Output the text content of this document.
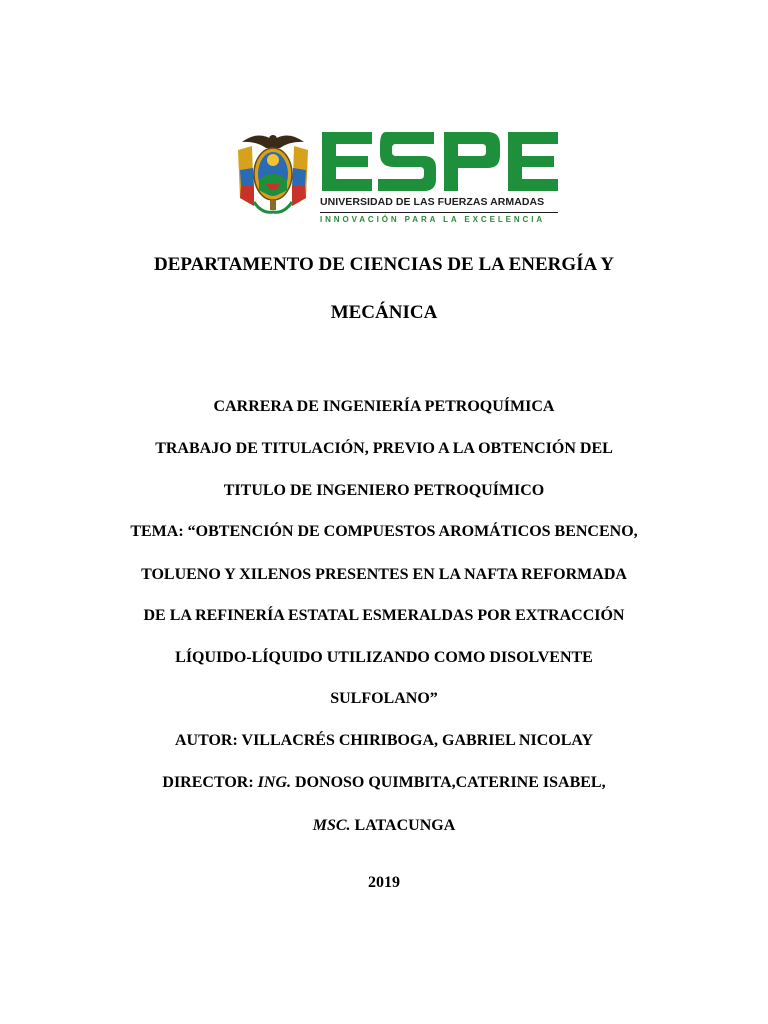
UNIVERSIDAD DE LAS FUERZAS ARMADAS
INNOVACIÓN PARA LA EXCELENCIA
DEPARTAMENTO DE CIENCIAS DE LA ENERGÍA Y
MECÁNICA
CARRERA DE INGENIERÍA PETROQUÍMICA
TRABAJO DE TITULACIÓN, PREVIO A LA OBTENCIÓN DEL
TITULO DE INGENIERO PETROQUÍMICO
TEMA: “OBTENCIÓN DE COMPUESTOS AROMÁTICOS BENCENO,
TOLUENO Y XILENOS PRESENTES EN LA NAFTA REFORMADA
DE LA REFINERÍA ESTATAL ESMERALDAS POR EXTRACCIÓN
LÍQUIDO-LÍQUIDO UTILIZANDO COMO DISOLVENTE
SULFOLANO”
AUTOR: VILLACRÉS CHIRIBOGA, GABRIEL NICOLAY
DIRECTOR: ING. DONOSO QUIMBITA,CATERINE ISABEL,
MSC. LATACUNGA
2019
